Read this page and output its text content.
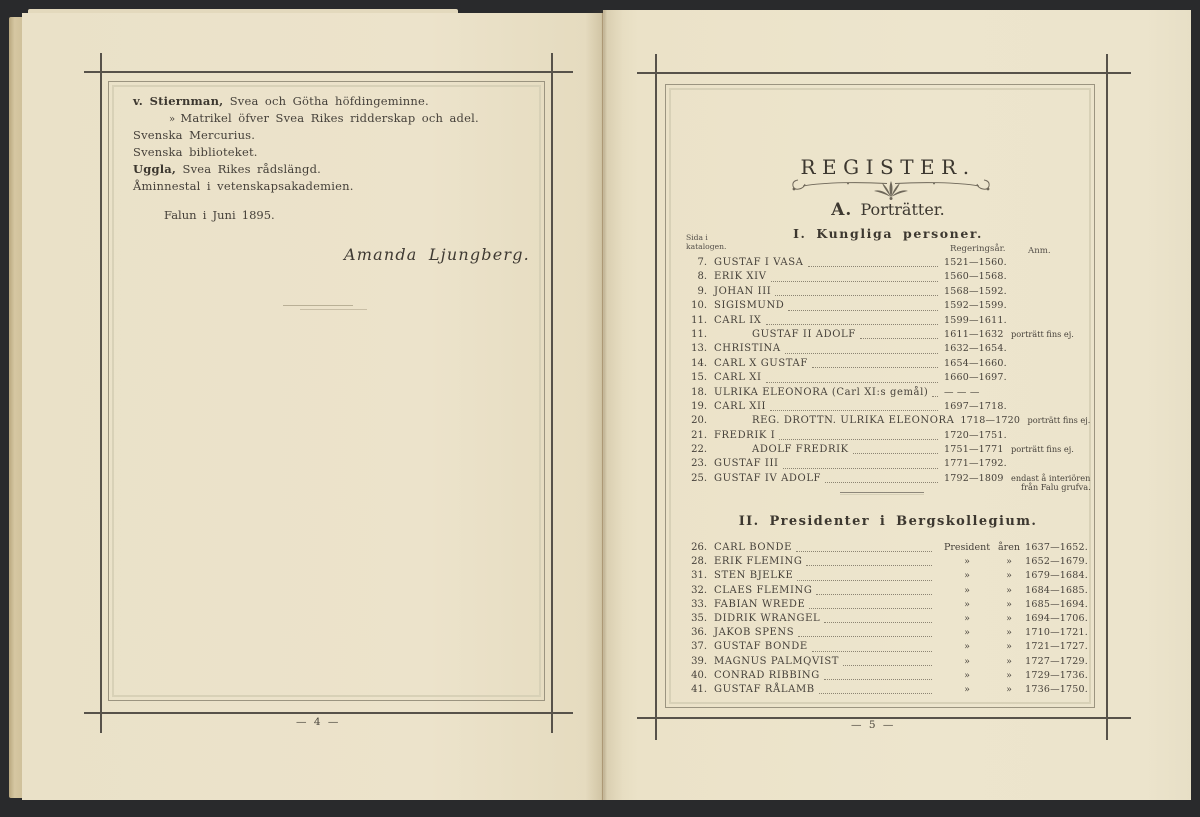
v. Stiernman, Svea och Götha höfdingeminne.
» Matrikel öfver Svea Rikes ridderskap och adel.
Svenska Mercurius.
Svenska biblioteket.
Uggla, Svea Rikes rådslängd.
Åminnestal i vetenskapsakademien.
Falun i Juni 1895.
Amanda Ljungberg.
— 4 —
REGISTER.
A. Porträtter.
I. Kungliga personer.
Sida i
katalogen.	Regeringsår.	Anm.
7. GUSTAF I VASA	1521—1560.
8. ERIK XIV	1560—1568.
9. JOHAN III	1568—1592.
10. SIGISMUND	1592—1599.
11. CARL IX	1599—1611.
11.	GUSTAF II ADOLF	1611—1632 porträtt fins ej.
13. CHRISTINA	1632—1654.
14. CARL X GUSTAF	1654—1660.
15. CARL XI	1660—1697.
18. ULRIKA ELEONORA (Carl XI:s gemål) — — —
19. CARL XII	1697—1718.
20.	REG. DROTTN. ULRIKA ELEONORA 1718—1720 porträtt fins ej.
21. FREDRIK I	1720—1751.
22.	ADOLF FREDRIK	1751—1771 porträtt fins ej.
23. GUSTAF III	1771—1792.
25. GUSTAF IV ADOLF	1792—1809 endast å interiören
från Falu grufva.
II. Presidenter i Bergskollegium.
26. CARL BONDE	President åren 1637—1652.
28. ERIK FLEMING	»	»	1652—1679.
31. STEN BJELKE	»	»	1679—1684.
32. CLAES FLEMING	»	»	1684—1685.
33. FABIAN WREDE	»	»	1685—1694.
35. DIDRIK WRANGEL	»	»	1694—1706.
36. JAKOB SPENS	»	»	1710—1721.
37. GUSTAF BONDE	»	»	1721—1727.
39. MAGNUS PALMQVIST	»	»	1727—1729.
40. CONRAD RIBBING	»	»	1729—1736.
41. GUSTAF RÅLAMB	»	»	1736—1750.
— 5 —
